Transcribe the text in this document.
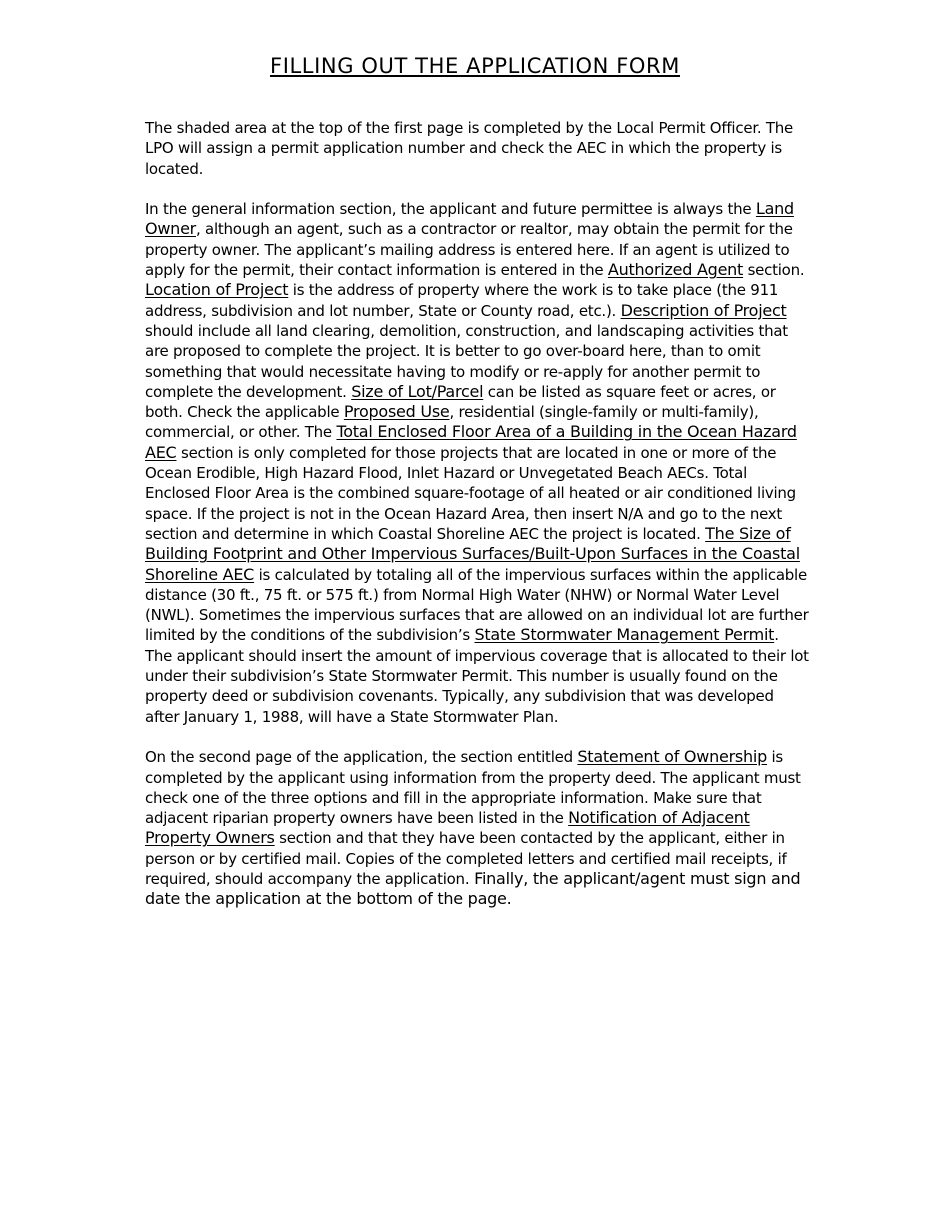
FILLING OUT THE APPLICATION FORM

The shaded area at the top of the first page is completed by the Local Permit Officer. The LPO will assign a permit application number and check the AEC in which the property is located.

In the general information section, the applicant and future permittee is always the Land Owner, although an agent, such as a contractor or realtor, may obtain the permit for the property owner. The applicant’s mailing address is entered here. If an agent is utilized to apply for the permit, their contact information is entered in the Authorized Agent section. Location of Project is the address of property where the work is to take place (the 911 address, subdivision and lot number, State or County road, etc.). Description of Project should include all land clearing, demolition, construction, and landscaping activities that are proposed to complete the project. It is better to go over-board here, than to omit something that would necessitate having to modify or re-apply for another permit to complete the development. Size of Lot/Parcel can be listed as square feet or acres, or both. Check the applicable Proposed Use, residential (single-family or multi-family), commercial, or other. The Total Enclosed Floor Area of a Building in the Ocean Hazard AEC section is only completed for those projects that are located in one or more of the Ocean Erodible, High Hazard Flood, Inlet Hazard or Unvegetated Beach AECs. Total Enclosed Floor Area is the combined square-footage of all heated or air conditioned living space. If the project is not in the Ocean Hazard Area, then insert N/A and go to the next section and determine in which Coastal Shoreline AEC the project is located. The Size of Building Footprint and Other Impervious Surfaces/Built-Upon Surfaces in the Coastal Shoreline AEC is calculated by totaling all of the impervious surfaces within the applicable distance (30 ft., 75 ft. or 575 ft.) from Normal High Water (NHW) or Normal Water Level (NWL). Sometimes the impervious surfaces that are allowed on an individual lot are further limited by the conditions of the subdivision’s State Stormwater Management Permit. The applicant should insert the amount of impervious coverage that is allocated to their lot under their subdivision’s State Stormwater Permit. This number is usually found on the property deed or subdivision covenants. Typically, any subdivision that was developed after January 1, 1988, will have a State Stormwater Plan.

On the second page of the application, the section entitled Statement of Ownership is completed by the applicant using information from the property deed. The applicant must check one of the three options and fill in the appropriate information. Make sure that adjacent riparian property owners have been listed in the Notification of Adjacent Property Owners section and that they have been contacted by the applicant, either in person or by certified mail. Copies of the completed letters and certified mail receipts, if required, should accompany the application. Finally, the applicant/agent must sign and date the application at the bottom of the page.
